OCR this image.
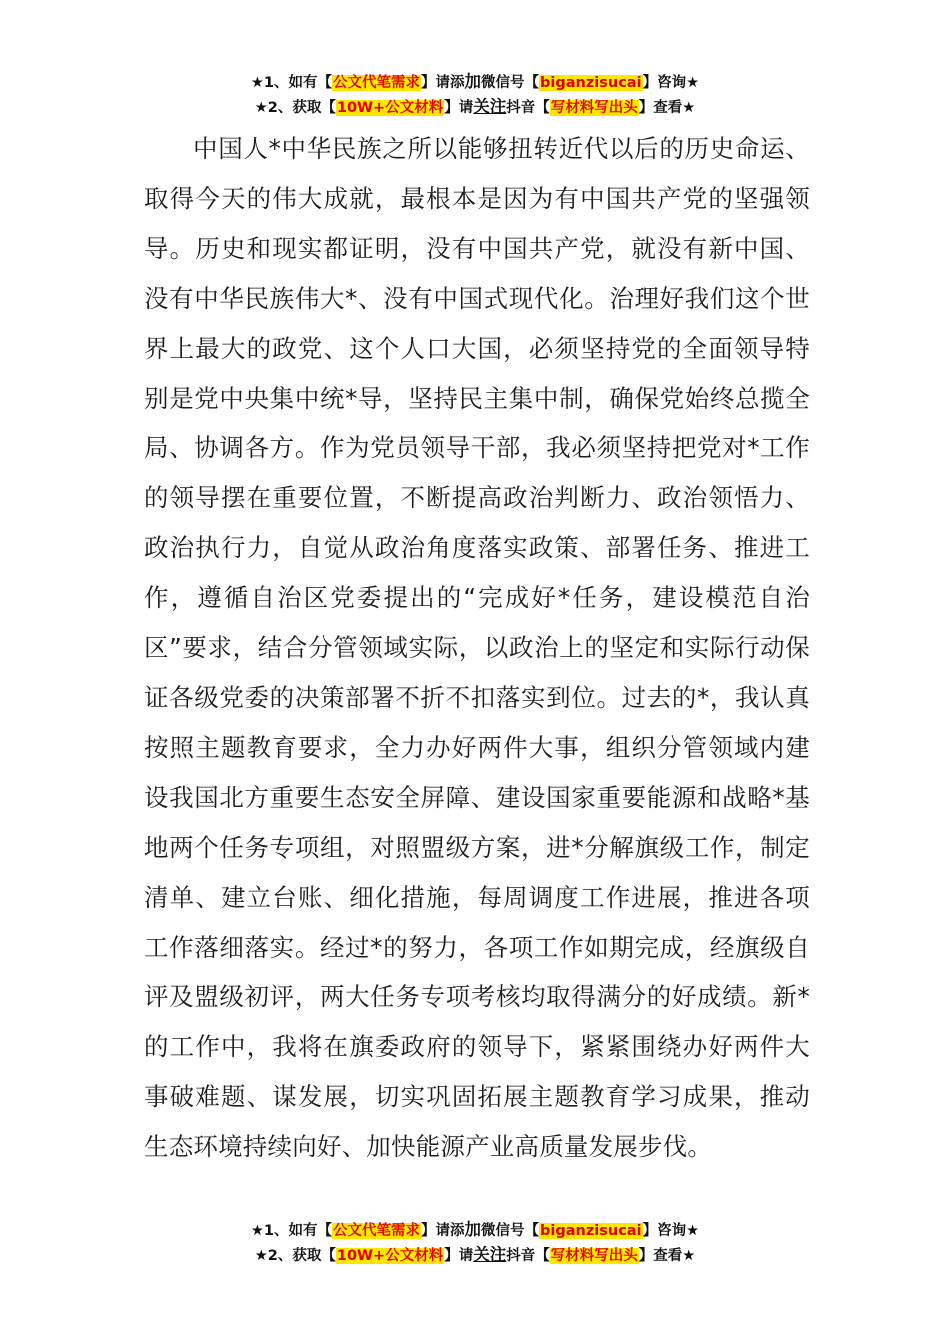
★1、如有【公文代笔需求】请添加微信号【biganzisucai】咨询★
★2、获取【10W+公文材料】请关注抖音【写材料写出头】查看★

中国人*中华民族之所以能够扭转近代以后的历史命运、取得今天的伟大成就，最根本是因为有中国共产党的坚强领导。历史和现实都证明，没有中国共产党，就没有新中国、没有中华民族伟大*、没有中国式现代化。治理好我们这个世界上最大的政党、这个人口大国，必须坚持党的全面领导特别是党中央集中统*导，坚持民主集中制，确保党始终总揽全局、协调各方。作为党员领导干部，我必须坚持把党对*工作的领导摆在重要位置，不断提高政治判断力、政治领悟力、政治执行力，自觉从政治角度落实政策、部署任务、推进工作，遵循自治区党委提出的“完成好*任务，建设模范自治区”要求，结合分管领域实际，以政治上的坚定和实际行动保证各级党委的决策部署不折不扣落实到位。过去的*，我认真按照主题教育要求，全力办好两件大事，组织分管领域内建设我国北方重要生态安全屏障、建设国家重要能源和战略*基地两个任务专项组，对照盟级方案，进*分解旗级工作，制定清单、建立台账、细化措施，每周调度工作进展，推进各项工作落细落实。经过*的努力，各项工作如期完成，经旗级自评及盟级初评，两大任务专项考核均取得满分的好成绩。新*的工作中，我将在旗委政府的领导下，紧紧围绕办好两件大事破难题、谋发展，切实巩固拓展主题教育学习成果，推动生态环境持续向好、加快能源产业高质量发展步伐。

★1、如有【公文代笔需求】请添加微信号【biganzisucai】咨询★
★2、获取【10W+公文材料】请关注抖音【写材料写出头】查看★
